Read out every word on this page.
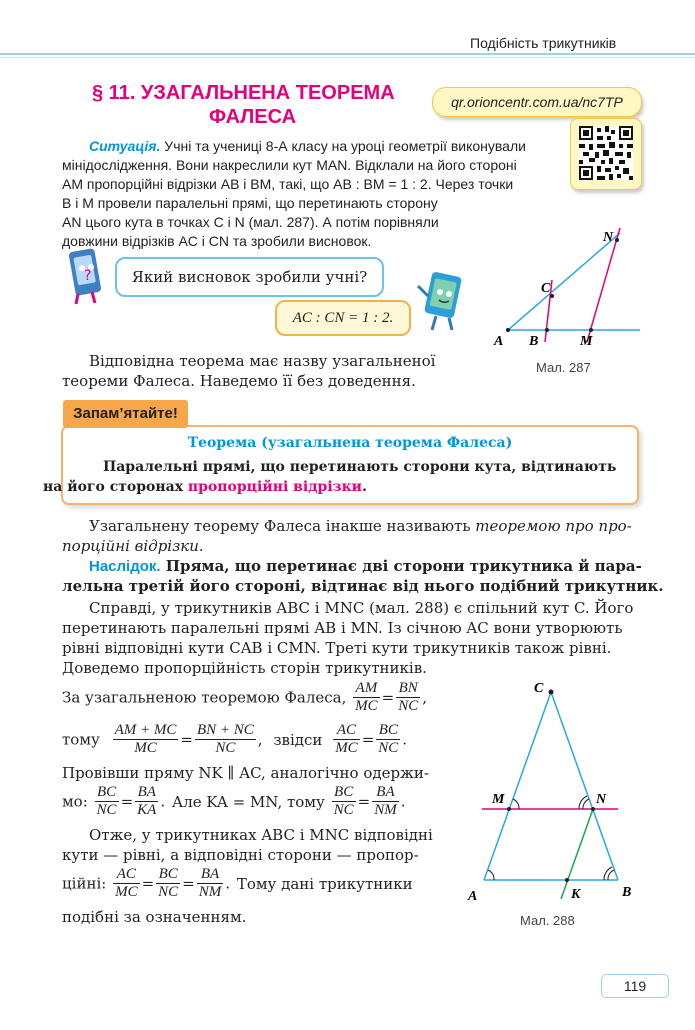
Подібність трикутників
§ 11. УЗАГАЛЬНЕНА ТЕОРЕМА
ФАЛЕСА
qr.orioncentr.com.ua/nc7TP
Ситуація. Учні та учениці 8-А класу на уроці геометрії виконували
мінідослідження. Вони накреслили кут MAN. Відклали на його стороні
AM пропорційні відрізки AB і BM, такі, що AB : BM = 1 : 2. Через точки
B і M провели паралельні прямі, що перетинають сторону
AN цього кута в точках C і N (мал. 287). А потім порівняли
довжини відрізків AC і CN та зробили висновок.
?	Який висновок зробили учні?
AC : CN = 1 : 2.
A B	M
C
N
Мал. 287
Відповідна теорема має назву узагальненої
теореми Фалеса. Наведемо її без доведення.
Теорема (узагальнена теорема Фалеса)
Паралельні прямі, що перетинають сторони кута, відтинають
на його сторонах пропорційні відрізки.
Запам’ятайте!
Узагальнену теорему Фалеса інакше називають теоремою про про-
порційні відрізки.
Наслідок. Пряма, що перетинає дві сторони трикутника й пара-
лельна третій його стороні, відтинає від нього подібний трикутник.
Справді, у трикутників ABC і MNC (мал. 288) є спільний кут C. Його
перетинають паралельні прямі AB і MN. Із січною AC вони утворюють
рівні відповідні кути CAB і CMN. Треті кути трикутників також рівні.
Доведемо пропорційність сторін трикутників.
За узагальненою теоремою Фалеса, $\frac{AM}{MC} = \frac{BN}{NC}$ ,
тому $\frac{AM + MC}{MC} = \frac{BN + NC}{NC}$ , звідси $\frac{AC}{MC} = \frac{BC}{NC}$ .
Провівши пряму NK ∥ AC, аналогічно одержи-
мо: $\frac{BC}{NC} = \frac{BA}{KA}$ . Але KA = MN, тому $\frac{BC}{NC} = \frac{BA}{NM}$ .
Отже, у трикутниках ABC і MNC відповідні
кути — рівні, а відповідні сторони — пропор-
ційні: $\frac{AC}{MC} = \frac{BC}{NC} = \frac{BA}{NM}$ . Тому дані трикутники
подібні за означенням.
C
M	N
A	K	B
Мал. 288
119
